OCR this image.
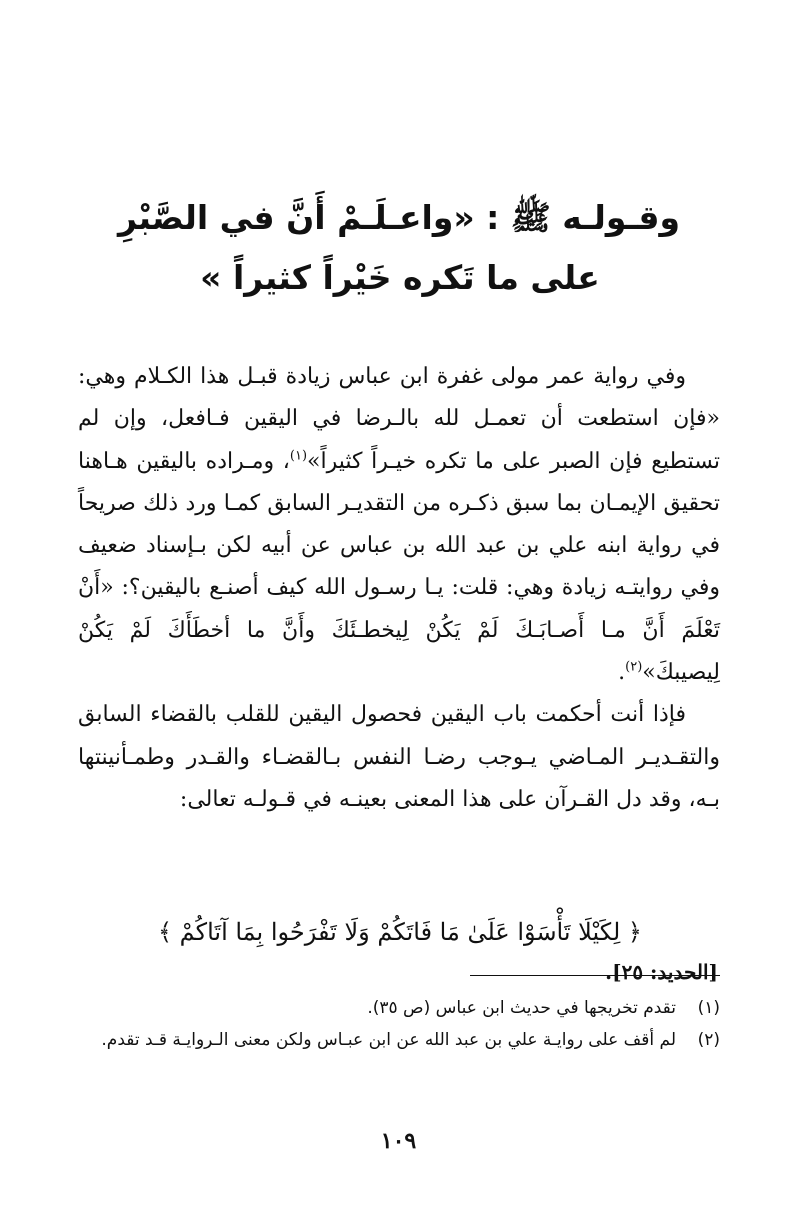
وقـولـه ﷺ : «واعـلَـمْ أَنَّ في الصَّبْرِ
على ما تَكره خَيْراً كثيراً »

وفي رواية عمر مولى غفرة ابن عباس زيادة قبـل هذا الكـلام وهي: «فإن استطعت أن تعمـل لله بالـرضا في اليقين فـافعل، وإن لم تستطيع فإن الصبر على ما تكره خيـراً كثيراً»$^{(١)}$، ومـراده باليقين هـاهنا تحقيق الإيمـان بما سبق ذكـره من التقديـر السابق كمـا ورد ذلك صريحاً في رواية ابنه علي بن عبد الله بن عباس عن أبيه لكن بـإسناد ضعيف وفي روايتـه زيادة وهي: قلت: يـا رسـول الله كيف أصنـع باليقين؟: «أَنْ تَعْلَمَ أَنَّ مـا أَصـابَـكَ لَمْ يَكُنْ لِيخطـئَكَ وأَنَّ ما أخطَأَكَ لَمْ يَكُنْ لِيصيبكَ»$^{(٢)}$.

فإذا أنت أحكمت باب اليقين فحصول اليقين للقلب بالقضاء السابق والتقـديـر المـاضي يـوجب رضـا النفس بـالقضـاء والقـدر وطمـأنينتها بـه، وقد دل القـرآن على هذا المعنى بعينـه في قـولـه تعالى:

﴿ لِكَيْلَا تَأْسَوْا عَلَىٰ مَا فَاتَكُمْ وَلَا تَفْرَحُوا بِمَا آتَاكُمْ ﴾
[الحديد: ٢٥].
(١)
تقدم تخريجها في حديث ابن عباس (ص ٣٥).
(٢)
لم أقف على روايـة علي بن عبد الله عن ابن عبـاس ولكن معنى الـروايـة قـد تقدم.
١٠٩
